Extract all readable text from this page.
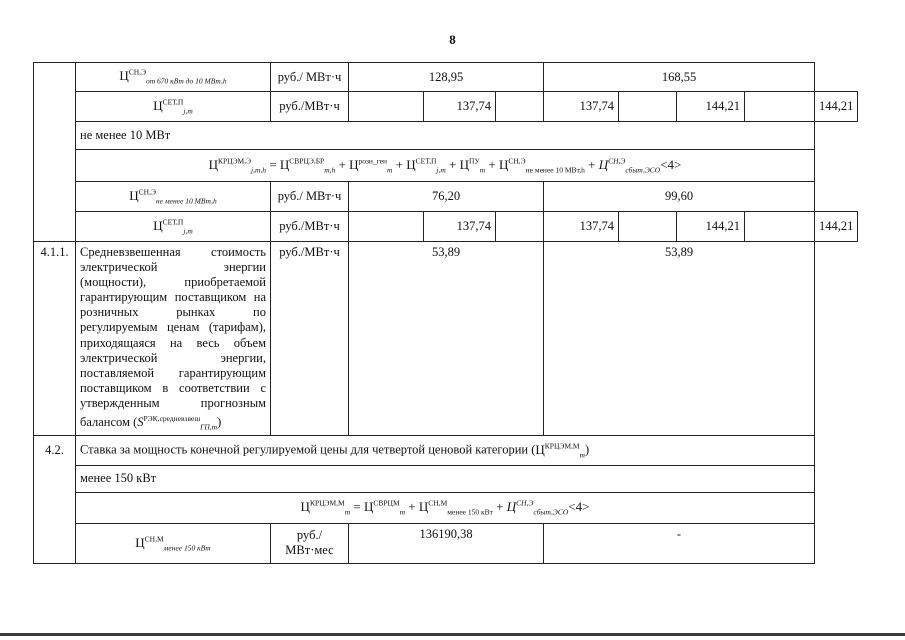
8
	$Ц^{СН,Э}_{от 670 кВт до 10 МВт,h}$	руб./ МВт·ч	128,95			168,55				
	$Ц^{СЕТ,П}_{j,m}$	руб./МВт·ч		137,74		137,74		144,21		144,21
	не менее 10 МВт									
	$Ц^{КРЦЭМ,Э}_{j,m,h} = Ц^{СВРЦЭ,БР}_{m,h} + Ц^{розн\_ген}_m + Ц^{СЕТ,П}_{j,m} + Ц^{ПУ}_m + Ц^{СН,Э}_{не менее 10 МВт,h} + Ц^{СН,Э}_{сбыт,ЭСО}<4>$									
	$Ц^{СН,Э}_{не менее 10 МВт,h}$	руб./ МВт·ч	76,20			99,60				
	$Ц^{СЕТ,П}_{j,m}$	руб./МВт·ч		137,74		137,74		144,21		144,21
4.1.1.	Средневзвешенная стоимость электрической энергии (мощности), приобретаемой гарантирующим поставщиком на розничных рынках по регулируемым ценам (тарифам), приходящаяся на весь объем электрической энергии, поставляемой гарантирующим поставщиком в соответствии с утвержденным прогнозным балансом $(S^{РЭК,средневзвеш}_{ГП,m})$	руб./МВт·ч	53,89			53,89				
4.2.	Ставка за мощность конечной регулируемой цены для четвертой ценовой категории $(Ц^{КРЦЭМ,М}_m)$									
	менее 150 кВт									
	$Ц^{КРЦЭМ,М}_m = Ц^{СВРЦМ}_m + Ц^{СН,М}_{менее 150 кВт} + Ц^{СН,Э}_{сбыт,ЭСО}<4>$									
	$Ц^{СН,М}_{менее 150 кВт}$	руб./ МВт·мес	136190,38			-				
